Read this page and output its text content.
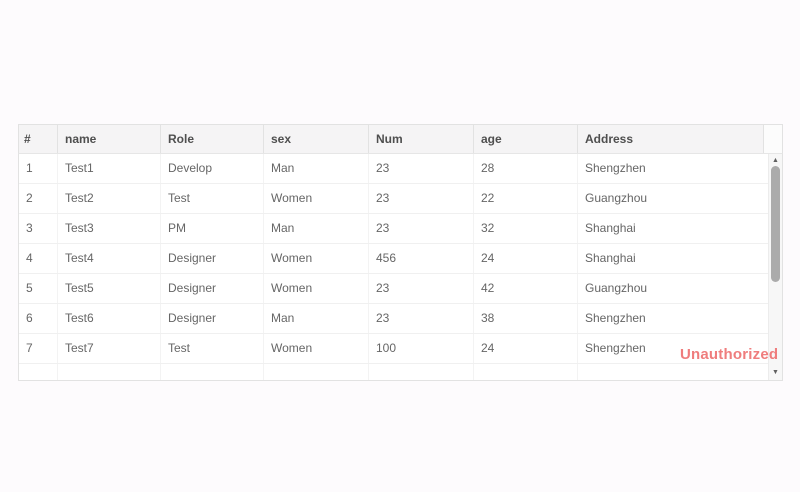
#	name	Role	sex	Num	age	Address
1	Test1	Develop	Man	23	28	Shengzhen
2	Test2	Test	Women	23	22	Guangzhou
3	Test3	PM	Man	23	32	Shanghai
4	Test4	Designer	Women	456	24	Shanghai
5	Test5	Designer	Women	23	42	Guangzhou
6	Test6	Designer	Man	23	38	Shengzhen
7	Test7	Test	Women	100	24	Shengzhen
▲
▼
Unauthorized
